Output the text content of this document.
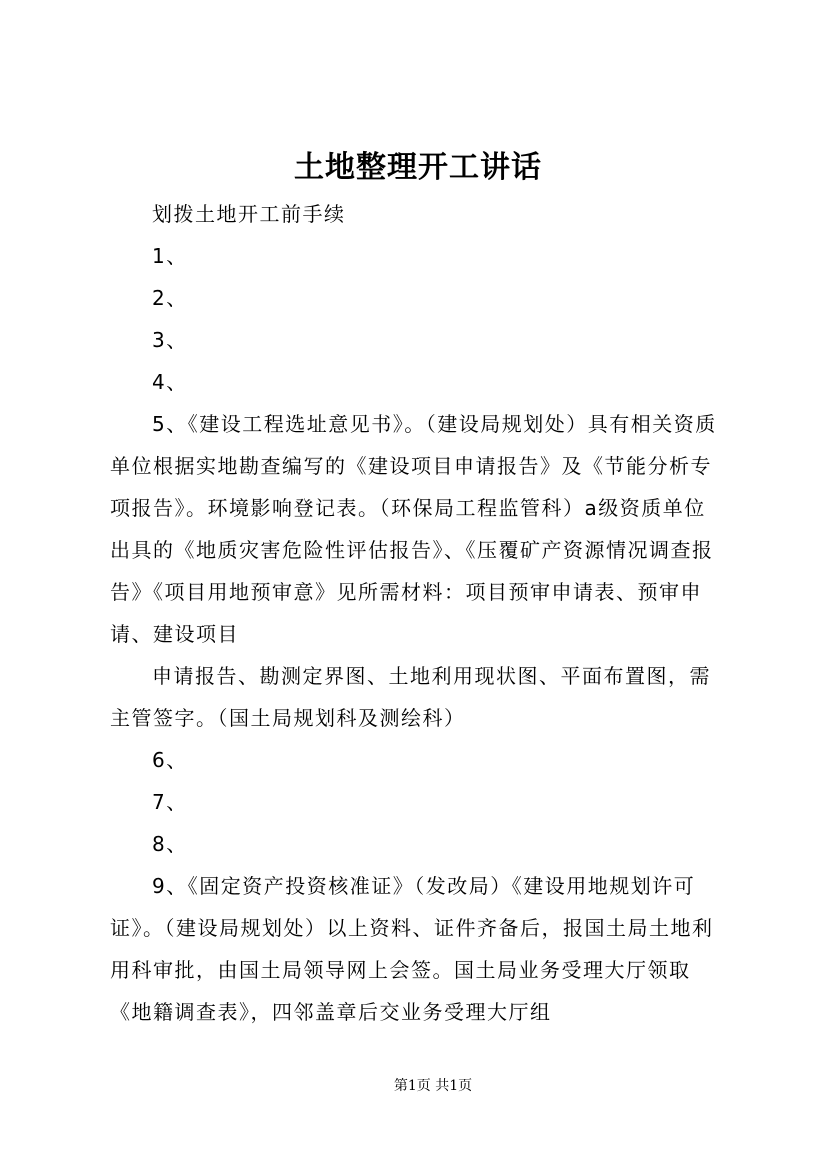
土地整理开工讲话
划拨土地开工前手续
1、
2、
3、
4、
5、《建设工程选址意见书》。（建设局规划处）具有相关资质
单位根据实地勘查编写的《建设项目申请报告》及《节能分析专
项报告》。环境影响登记表。（环保局工程监管科）a级资质单位
出具的《地质灾害危险性评估报告》、《压覆矿产资源情况调查报
告》《项目用地预审意》见所需材料：项目预审申请表、预审申
请、建设项目
申请报告、勘测定界图、土地利用现状图、平面布置图，需
主管签字。（国土局规划科及测绘科）
6、
7、
8、
9、《固定资产投资核准证》（发改局）《建设用地规划许可
证》。（建设局规划处）以上资料、证件齐备后，报国土局土地利
用科审批，由国土局领导网上会签。国土局业务受理大厅领取
《地籍调查表》，四邻盖章后交业务受理大厅组
第1页 共1页
